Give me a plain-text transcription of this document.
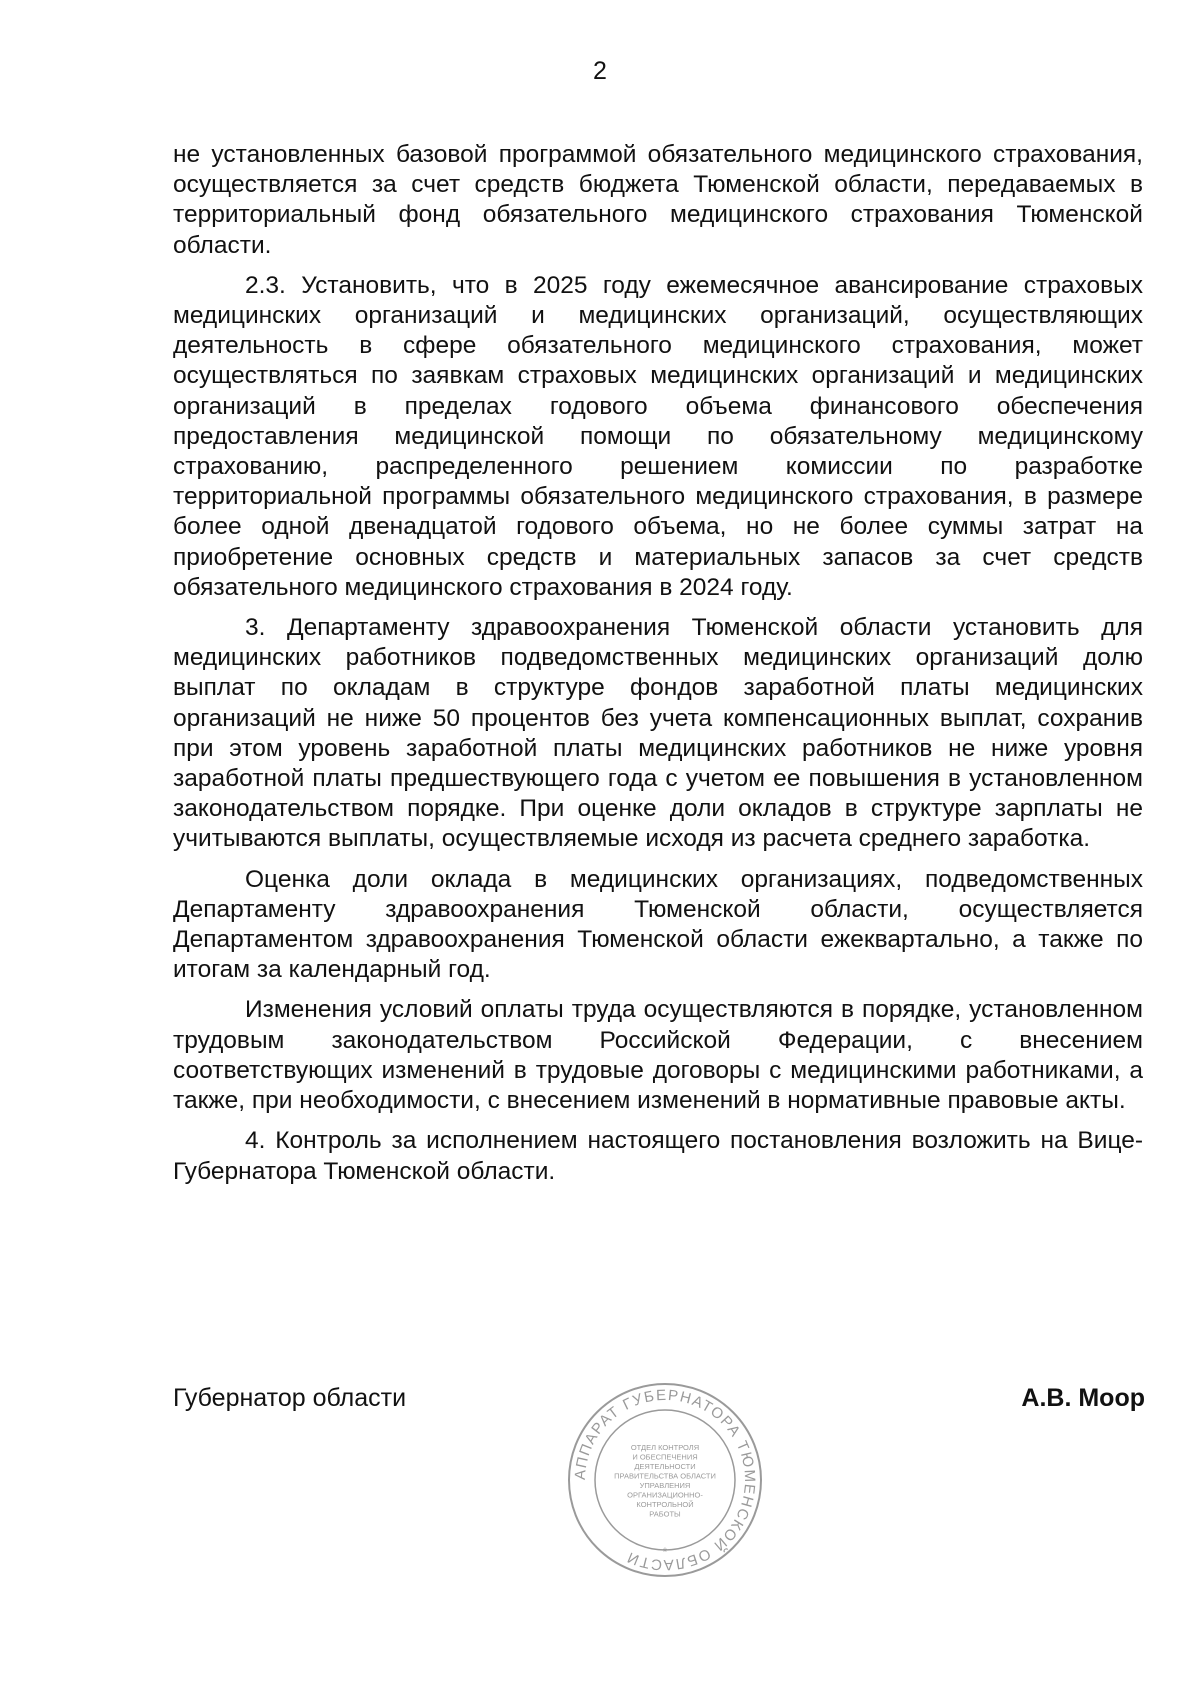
2

не установленных базовой программой обязательного медицинского страхования, осуществляется за счет средств бюджета Тюменской области, передаваемых в территориальный фонд обязательного медицинского страхования Тюменской области.

2.3. Установить, что в 2025 году ежемесячное авансирование страховых медицинских организаций и медицинских организаций, осуществляющих деятельность в сфере обязательного медицинского страхования, может осуществляться по заявкам страховых медицинских организаций и медицинских организаций в пределах годового объема финансового обеспечения предоставления медицинской помощи по обязательному медицинскому страхованию, распределенного решением комиссии по разработке территориальной программы обязательного медицинского страхования, в размере более одной двенадцатой годового объема, но не более суммы затрат на приобретение основных средств и материальных запасов за счет средств обязательного медицинского страхования в 2024 году.

3. Департаменту здравоохранения Тюменской области установить для медицинских работников подведомственных медицинских организаций долю выплат по окладам в структуре фондов заработной платы медицинских организаций не ниже 50 процентов без учета компенсационных выплат, сохранив при этом уровень заработной платы медицинских работников не ниже уровня заработной платы предшествующего года с учетом ее повышения в установленном законодательством порядке. При оценке доли окладов в структуре зарплаты не учитываются выплаты, осуществляемые исходя из расчета среднего заработка.

Оценка доли оклада в медицинских организациях, подведомственных Департаменту здравоохранения Тюменской области, осуществляется Департаментом здравоохранения Тюменской области ежеквартально, а также по итогам за календарный год.

Изменения условий оплаты труда осуществляются в порядке, установленном трудовым законодательством Российской Федерации, с внесением соответствующих изменений в трудовые договоры с медицинскими работниками, а также, при необходимости, с внесением изменений в нормативные правовые акты.

4. Контроль за исполнением настоящего постановления возложить на Вице-Губернатора Тюменской области.

Губернатор области	А.В. Моор
АППАРАТ ГУБЕРНАТОРА ТЮМЕНСКОЙ ОБЛАСТИ	*
ОТДЕЛ КОНТРОЛЯ
И ОБЕСПЕЧЕНИЯ
ДЕЯТЕЛЬНОСТИ
ПРАВИТЕЛЬСТВА ОБЛАСТИ
УПРАВЛЕНИЯ
ОРГАНИЗАЦИОННО-
КОНТРОЛЬНОЙ
РАБОТЫ
